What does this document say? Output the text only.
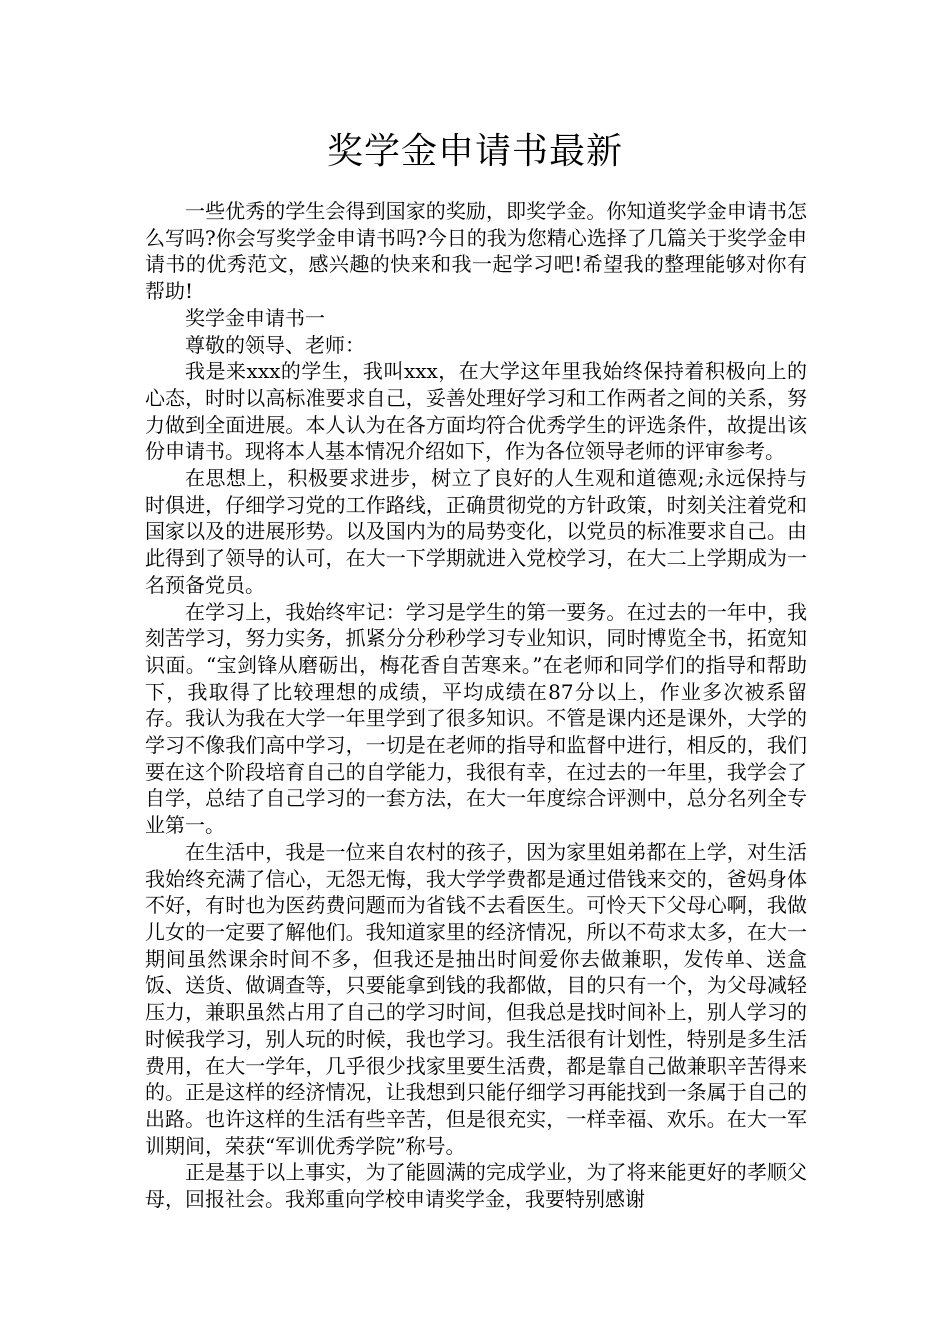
奖学金申请书最新

一些优秀的学生会得到国家的奖励，即奖学金。你知道奖学金申请书怎么写吗?你会写奖学金申请书吗?今日的我为您精心选择了几篇关于奖学金申请书的优秀范文，感兴趣的快来和我一起学习吧!希望我的整理能够对你有帮助!

奖学金申请书一

尊敬的领导、老师：

我是来xxx的学生，我叫xxx，在大学这年里我始终保持着积极向上的心态，时时以高标准要求自己，妥善处理好学习和工作两者之间的关系，努力做到全面进展。本人认为在各方面均符合优秀学生的评选条件，故提出该份申请书。现将本人基本情况介绍如下，作为各位领导老师的评审参考。

在思想上，积极要求进步，树立了良好的人生观和道德观;永远保持与时俱进，仔细学习党的工作路线，正确贯彻党的方针政策，时刻关注着党和国家以及的进展形势。以及国内为的局势变化，以党员的标准要求自己。由此得到了领导的认可，在大一下学期就进入党校学习，在大二上学期成为一名预备党员。

在学习上，我始终牢记：学习是学生的第一要务。在过去的一年中，我刻苦学习，努力实务，抓紧分分秒秒学习专业知识，同时博览全书，拓宽知识面。“宝剑锋从磨砺出，梅花香自苦寒来。”在老师和同学们的指导和帮助下，我取得了比较理想的成绩，平均成绩在87分以上，作业多次被系留存。我认为我在大学一年里学到了很多知识。不管是课内还是课外，大学的学习不像我们高中学习，一切是在老师的指导和监督中进行，相反的，我们要在这个阶段培育自己的自学能力，我很有幸，在过去的一年里，我学会了自学，总结了自己学习的一套方法，在大一年度综合评测中，总分名列全专业第一。

在生活中，我是一位来自农村的孩子，因为家里姐弟都在上学，对生活我始终充满了信心，无怨无悔，我大学学费都是通过借钱来交的，爸妈身体不好，有时也为医药费问题而为省钱不去看医生。可怜天下父母心啊，我做儿女的一定要了解他们。我知道家里的经济情况，所以不苟求太多，在大一期间虽然课余时间不多，但我还是抽出时间爱你去做兼职，发传单、送盒饭、送货、做调查等，只要能拿到钱的我都做，目的只有一个，为父母减轻压力，兼职虽然占用了自己的学习时间，但我总是找时间补上，别人学习的时候我学习，别人玩的时候，我也学习。我生活很有计划性，特别是多生活费用，在大一学年，几乎很少找家里要生活费，都是靠自己做兼职辛苦得来的。正是这样的经济情况，让我想到只能仔细学习再能找到一条属于自己的出路。也许这样的生活有些辛苦，但是很充实，一样幸福、欢乐。在大一军训期间，荣获“军训优秀学院”称号。

正是基于以上事实，为了能圆满的完成学业，为了将来能更好的孝顺父母，回报社会。我郑重向学校申请奖学金，我要特别感谢
